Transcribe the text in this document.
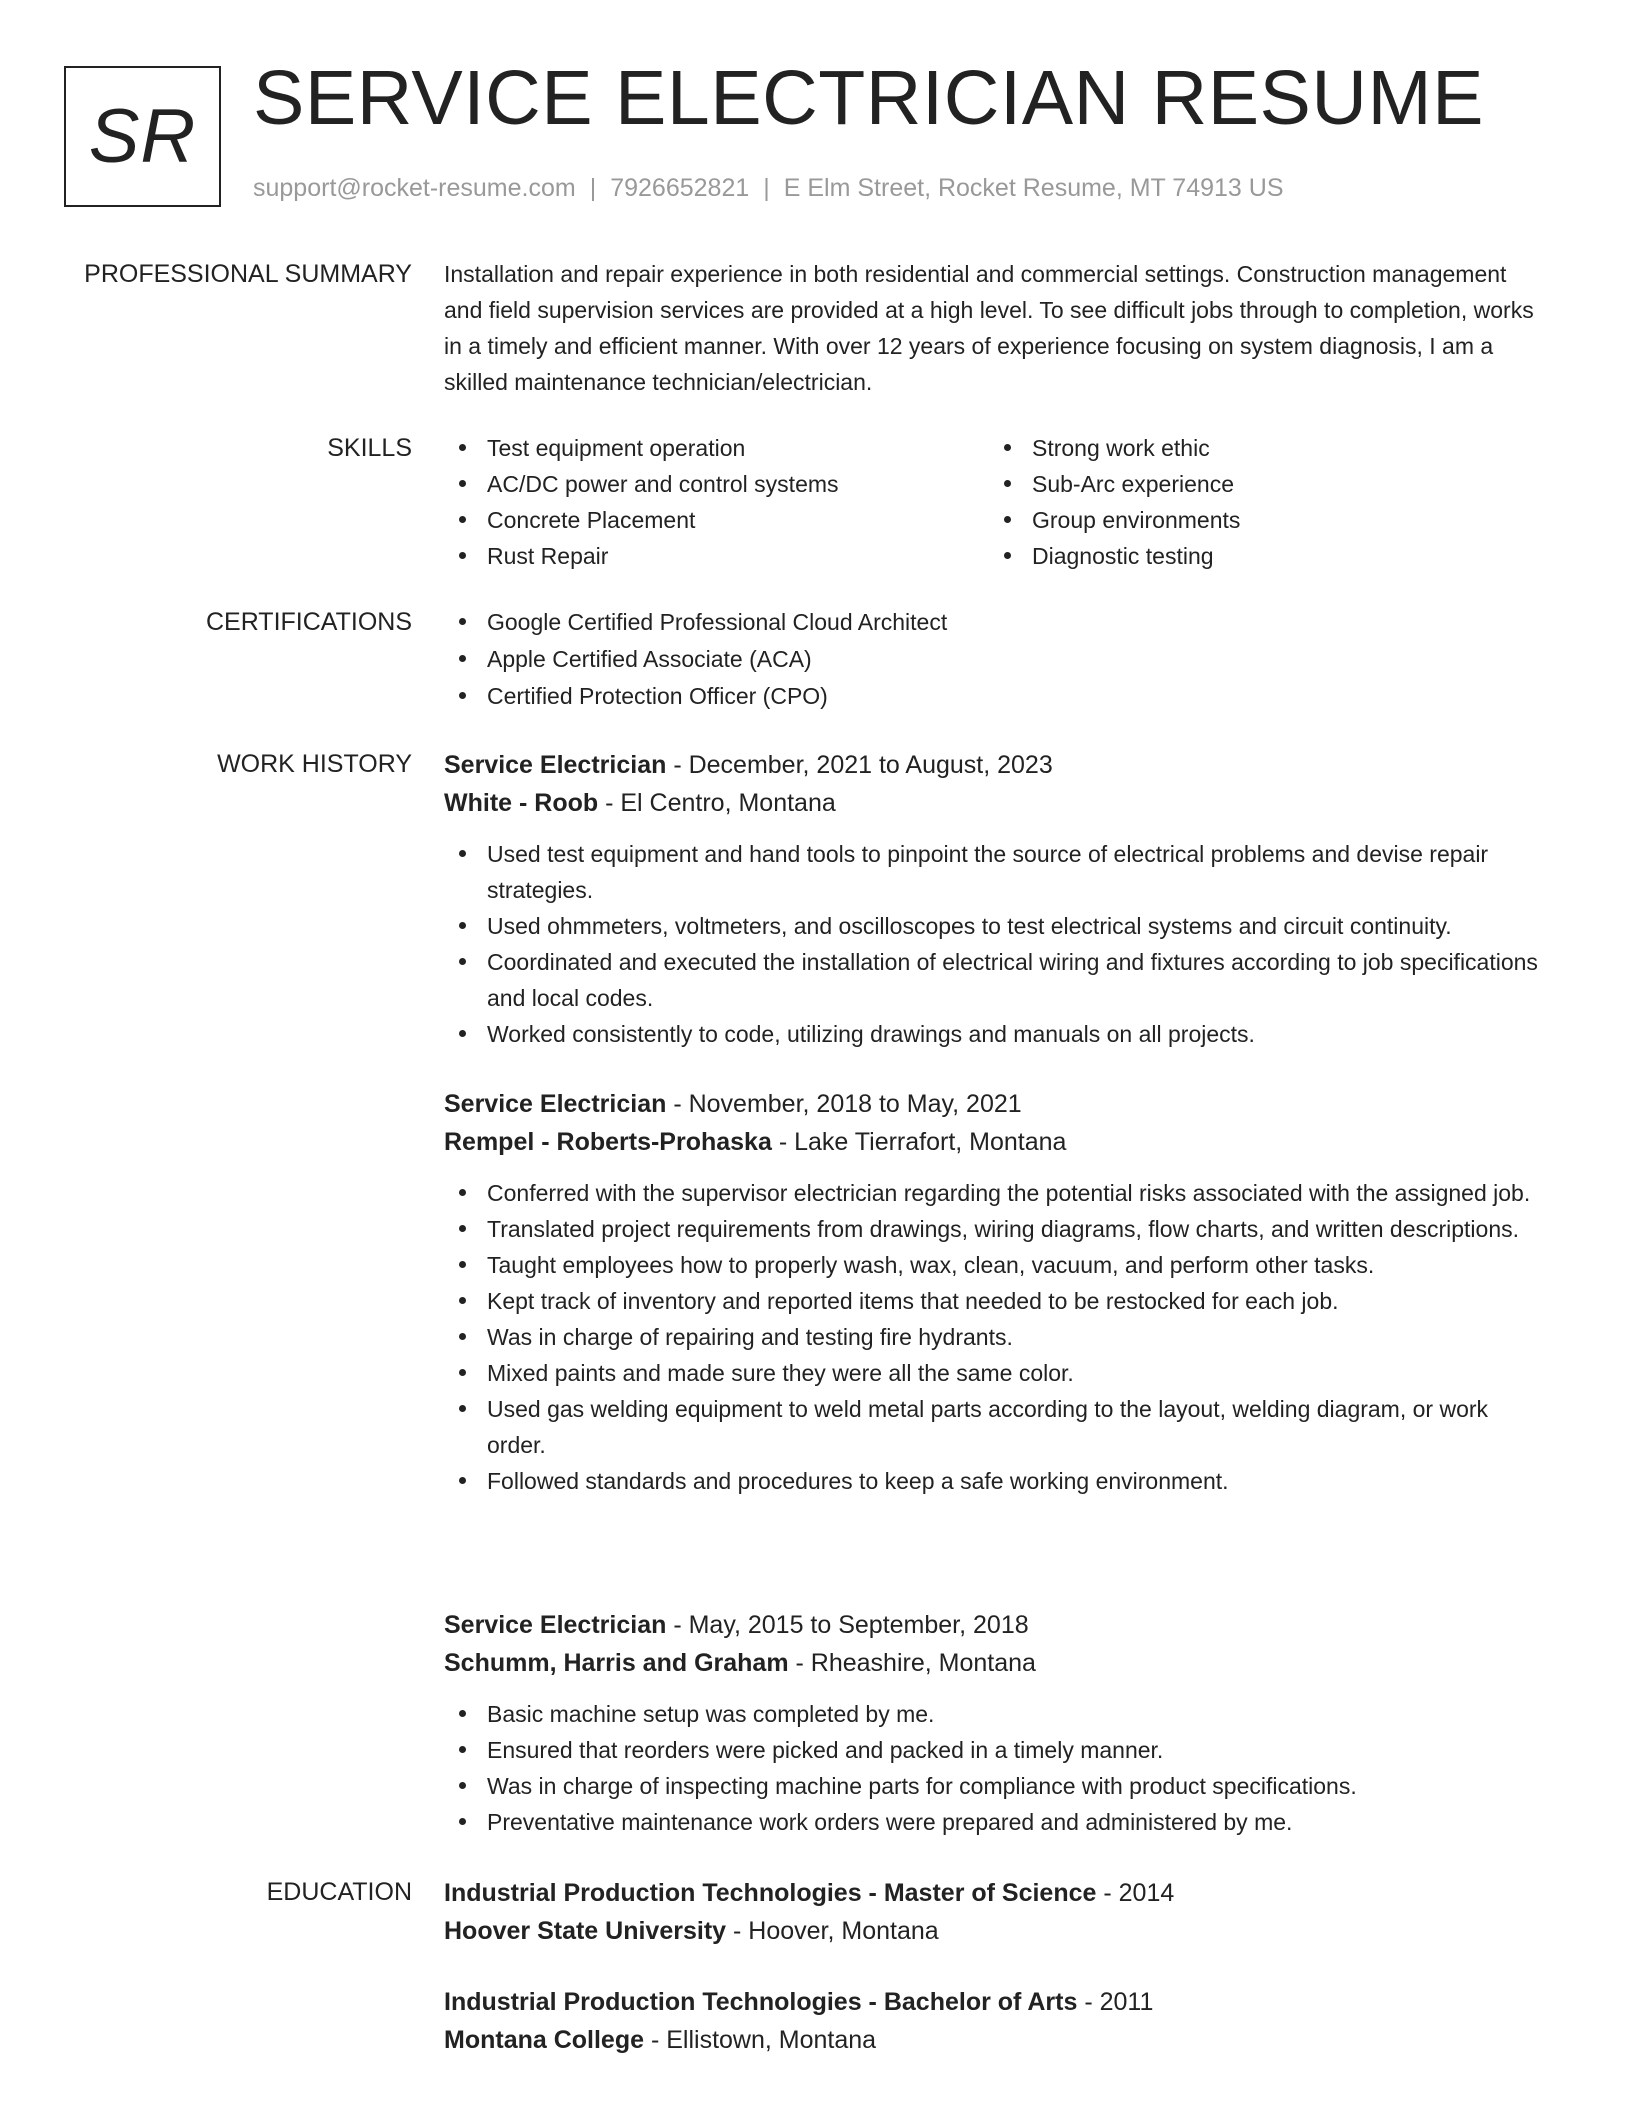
SR SERVICE ELECTRICIAN RESUME
support@rocket-resume.com | 7926652821 | E Elm Street, Rocket Resume, MT 74913 US
PROFESSIONAL SUMMARY Installation and repair experience in both residential and commercial settings. Construction management and field supervision services are provided at a high level. To see difficult jobs through to completion, works in a timely and efficient manner. With over 12 years of experience focusing on system diagnosis, I am a skilled maintenance technician/electrician.
SKILLS	Test equipment operation
AC/DC power and control systems
Concrete Placement
Rust Repair
Strong work ethic
Sub-Arc experience
Group environments
Diagnostic testing
CERTIFICATIONS	Google Certified Professional Cloud Architect
Apple Certified Associate (ACA)
Certified Protection Officer (CPO)
WORK HISTORY Service Electrician - December, 2021 to August, 2023
White - Roob - El Centro, Montana
Used test equipment and hand tools to pinpoint the source of electrical problems and devise repair strategies.
Used ohmmeters, voltmeters, and oscilloscopes to test electrical systems and circuit continuity.
Coordinated and executed the installation of electrical wiring and fixtures according to job specifications and local codes.
Worked consistently to code, utilizing drawings and manuals on all projects.
Service Electrician - November, 2018 to May, 2021
Rempel - Roberts-Prohaska - Lake Tierrafort, Montana
Conferred with the supervisor electrician regarding the potential risks associated with the assigned job.
Translated project requirements from drawings, wiring diagrams, flow charts, and written descriptions.
Taught employees how to properly wash, wax, clean, vacuum, and perform other tasks.
Kept track of inventory and reported items that needed to be restocked for each job.
Was in charge of repairing and testing fire hydrants.
Mixed paints and made sure they were all the same color.
Used gas welding equipment to weld metal parts according to the layout, welding diagram, or work order.
Followed standards and procedures to keep a safe working environment.
Service Electrician - May, 2015 to September, 2018
Schumm, Harris and Graham - Rheashire, Montana
Basic machine setup was completed by me.
Ensured that reorders were picked and packed in a timely manner.
Was in charge of inspecting machine parts for compliance with product specifications.
Preventative maintenance work orders were prepared and administered by me.
EDUCATION Industrial Production Technologies - Master of Science - 2014
Hoover State University - Hoover, Montana
Industrial Production Technologies - Bachelor of Arts - 2011
Montana College - Ellistown, Montana
